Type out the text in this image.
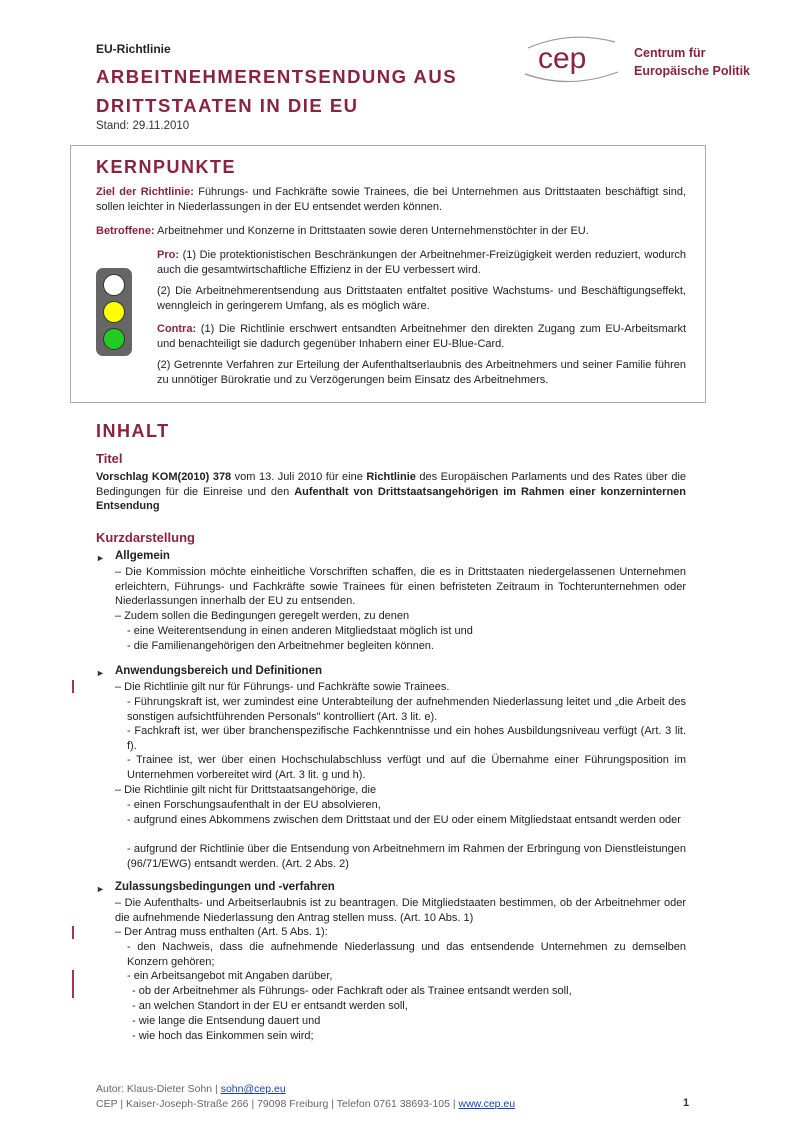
EU-Richtlinie
ARBEITNEHMERENTSENDUNG AUS
DRITTSTAATEN IN DIE EU
Stand: 29.11.2010
cep	Centrum für
Europäische Politik
KERNPUNKTE
Ziel der Richtlinie: Führungs- und Fachkräfte sowie Trainees, die bei Unternehmen aus Drittstaaten beschäftigt sind, sollen leichter in Niederlassungen in der EU entsendet werden können.
Betroffene: Arbeitnehmer und Konzerne in Drittstaaten sowie deren Unternehmenstöchter in der EU.
Pro: (1) Die protektionistischen Beschränkungen der Arbeitnehmer-Freizügigkeit werden reduziert, wodurch auch die gesamtwirtschaftliche Effizienz in der EU verbessert wird.
(2) Die Arbeitnehmerentsendung aus Drittstaaten entfaltet positive Wachstums- und Beschäftigungseffekt, wenngleich in geringerem Umfang, als es möglich wäre.
Contra: (1) Die Richtlinie erschwert entsandten Arbeitnehmer den direkten Zugang zum EU-Arbeitsmarkt und benachteiligt sie dadurch gegenüber Inhabern einer EU-Blue-Card.
(2) Getrennte Verfahren zur Erteilung der Aufenthaltserlaubnis des Arbeitnehmers und seiner Familie führen zu unnötiger Bürokratie und zu Verzögerungen beim Einsatz des Arbeitnehmers.
INHALT
Titel
Vorschlag KOM(2010) 378 vom 13. Juli 2010 für eine Richtlinie des Europäischen Parlaments und des Rates über die Bedingungen für die Einreise und den Aufenthalt von Drittstaatsangehörigen im Rahmen einer konzerninternen Entsendung
Kurzdarstellung
► Allgemein
– Die Kommission möchte einheitliche Vorschriften schaffen, die es in Drittstaaten niedergelassenen Unternehmen erleichtern, Führungs- und Fachkräfte sowie Trainees für einen befristeten Zeitraum in Tochterunternehmen oder Niederlassungen innerhalb der EU zu entsenden.
– Zudem sollen die Bedingungen geregelt werden, zu denen
- eine Weiterentsendung in einen anderen Mitgliedstaat möglich ist und
- die Familienangehörigen den Arbeitnehmer begleiten können.
► Anwendungsbereich und Definitionen
– Die Richtlinie gilt nur für Führungs- und Fachkräfte sowie Trainees.
- Führungskraft ist, wer zumindest eine Unterabteilung der aufnehmenden Niederlassung leitet und „die Arbeit des sonstigen aufsichtführenden Personals" kontrolliert (Art. 3 lit. e).
- Fachkraft ist, wer über branchenspezifische Fachkenntnisse und ein hohes Ausbildungsniveau verfügt (Art. 3 lit. f).
- Trainee ist, wer über einen Hochschulabschluss verfügt und auf die Übernahme einer Führungsposition im Unternehmen vorbereitet wird (Art. 3 lit. g und h).
– Die Richtlinie gilt nicht für Drittstaatsangehörige, die
- einen Forschungsaufenthalt in der EU absolvieren,
- aufgrund eines Abkommens zwischen dem Drittstaat und der EU oder einem Mitgliedstaat entsandt werden oder
- aufgrund der Richtlinie über die Entsendung von Arbeitnehmern im Rahmen der Erbringung von Dienstleistungen (96/71/EWG) entsandt werden. (Art. 2 Abs. 2)
► Zulassungsbedingungen und -verfahren
– Die Aufenthalts- und Arbeitserlaubnis ist zu beantragen. Die Mitgliedstaaten bestimmen, ob der Arbeitnehmer oder die aufnehmende Niederlassung den Antrag stellen muss. (Art. 10 Abs. 1)
– Der Antrag muss enthalten (Art. 5 Abs. 1):
- den Nachweis, dass die aufnehmende Niederlassung und das entsendende Unternehmen zu demselben Konzern gehören;
- ein Arbeitsangebot mit Angaben darüber,
- ob der Arbeitnehmer als Führungs- oder Fachkraft oder als Trainee entsandt werden soll,
- an welchen Standort in der EU er entsandt werden soll,
- wie lange die Entsendung dauert und
- wie hoch das Einkommen sein wird;
Autor: Klaus-Dieter Sohn | sohn@cep.eu
CEP | Kaiser-Joseph-Straße 266 | 79098 Freiburg | Telefon 0761 38693-105 | www.cep.eu	1
